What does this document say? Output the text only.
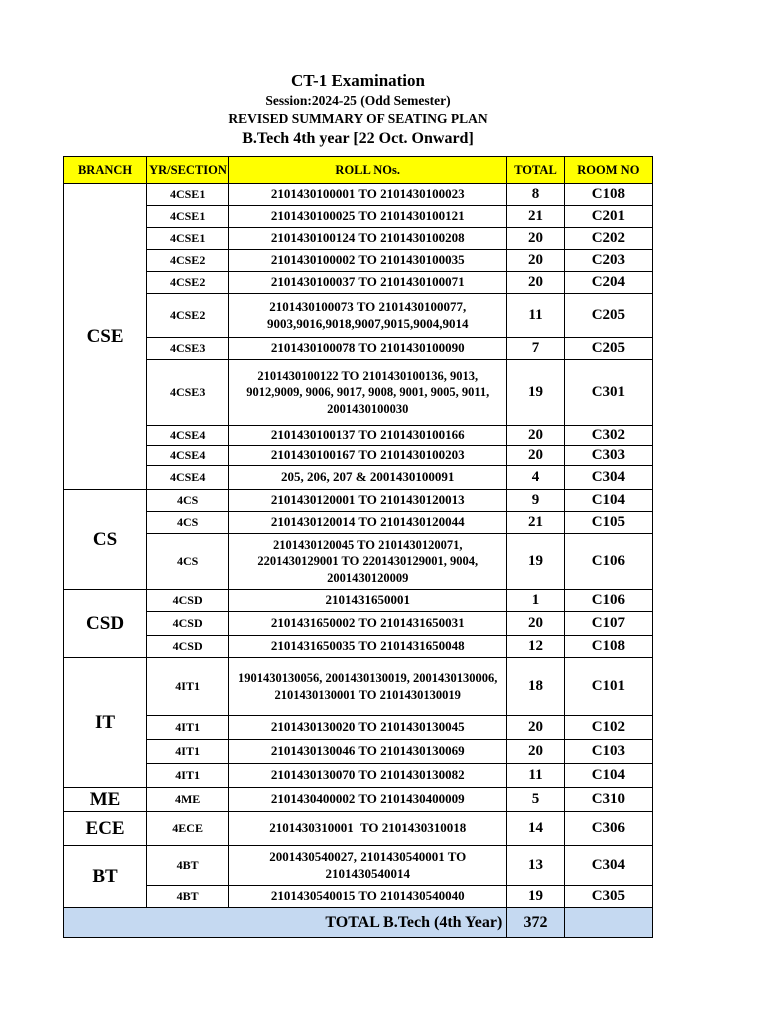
CT-1 Examination
Session:2024-25 (Odd Semester)
REVISED SUMMARY OF SEATING PLAN
B.Tech 4th year [22 Oct. Onward]
BRANCH	YR/SECTION	ROLL NOs.	TOTAL	ROOM NO
CSE	4CSE1	2101430100001 TO 2101430100023	8	C108
	4CSE1	2101430100025 TO 2101430100121	21	C201
	4CSE1	2101430100124 TO 2101430100208	20	C202
	4CSE2	2101430100002 TO 2101430100035	20	C203
	4CSE2	2101430100037 TO 2101430100071	20	C204
	4CSE2	2101430100073 TO 2101430100077, 9003,9016,9018,9007,9015,9004,9014	11	C205
	4CSE3	2101430100078 TO 2101430100090	7	C205
	4CSE3	2101430100122 TO 2101430100136, 9013, 9012,9009, 9006, 9017, 9008, 9001, 9005, 9011, 2001430100030	19	C301
	4CSE4	2101430100137 TO 2101430100166	20	C302
	4CSE4	2101430100167 TO 2101430100203	20	C303
	4CSE4	205, 206, 207 & 2001430100091	4	C304
CS	4CS	2101430120001 TO 2101430120013	9	C104
	4CS	2101430120014 TO 2101430120044	21	C105
	4CS	2101430120045 TO 2101430120071, 2201430129001 TO 2201430129001, 9004, 2001430120009	19	C106
CSD	4CSD	2101431650001	1	C106
	4CSD	2101431650002 TO 2101431650031	20	C107
	4CSD	2101431650035 TO 2101431650048	12	C108
IT	4IT1	1901430130056, 2001430130019, 2001430130006, 2101430130001 TO 2101430130019	18	C101
	4IT1	2101430130020 TO 2101430130045	20	C102
	4IT1	2101430130046 TO 2101430130069	20	C103
	4IT1	2101430130070 TO 2101430130082	11	C104
ME	4ME	2101430400002 TO 2101430400009	5	C310
ECE	4ECE	2101430310001  TO 2101430310018	14	C306
BT	4BT	2001430540027, 2101430540001 TO 2101430540014	13	C304
	4BT	2101430540015 TO 2101430540040	19	C305
TOTAL B.Tech (4th Year)			372	
